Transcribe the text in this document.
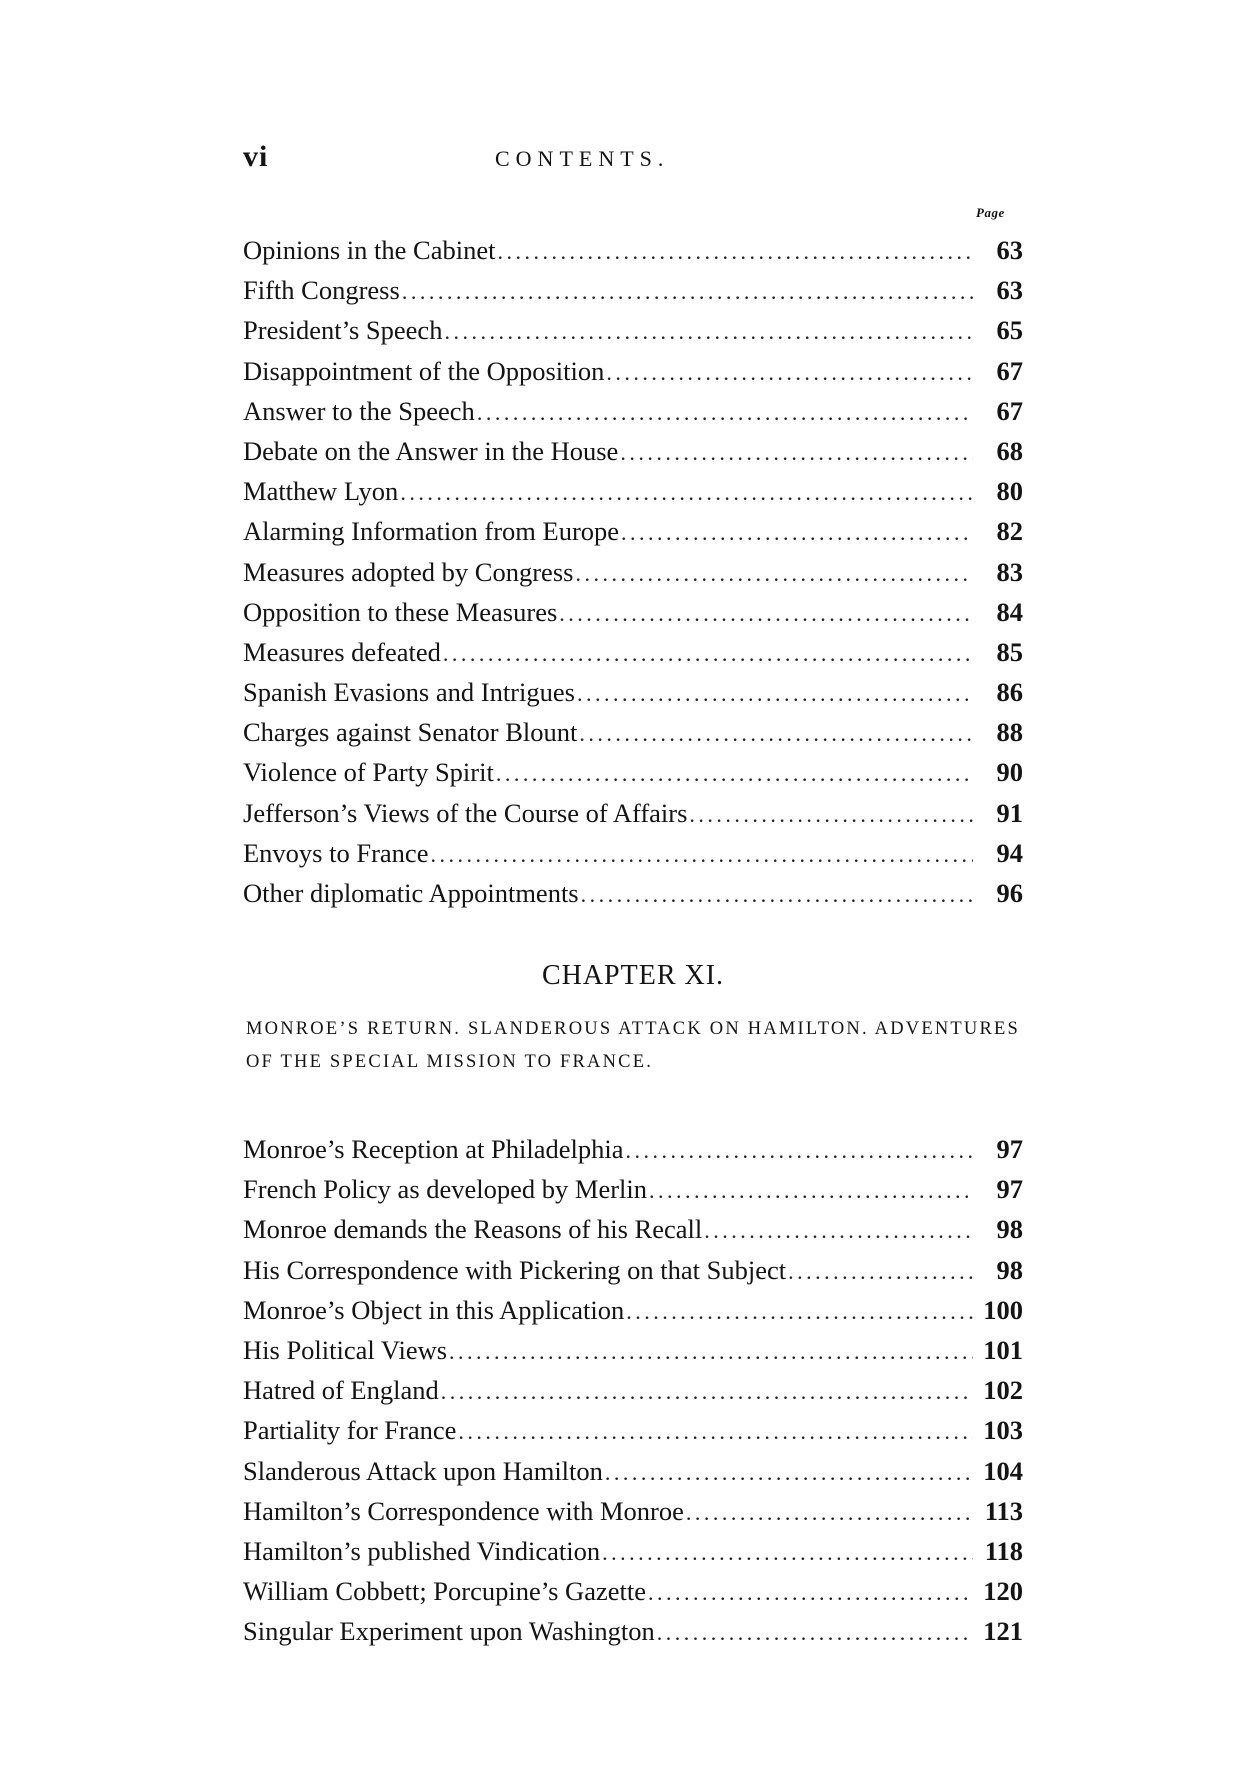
vi	CONTENTS.
Page
Opinions in the Cabinet .....	63
Fifth Congress .....	63
President’s Speech .....	65
Disappointment of the Opposition .....	67
Answer to the Speech .....	67
Debate on the Answer in the House .....	68
Matthew Lyon .....	80
Alarming Information from Europe .....	82
Measures adopted by Congress .....	83
Opposition to these Measures .....	84
Measures defeated .....	85
Spanish Evasions and Intrigues .....	86
Charges against Senator Blount .....	88
Violence of Party Spirit .....	90
Jefferson’s Views of the Course of Affairs .....	91
Envoys to France .....	94
Other diplomatic Appointments .....	96
CHAPTER XI.
MONROE’S RETURN. SLANDEROUS ATTACK ON HAMILTON. ADVENTURES OF THE SPECIAL MISSION TO FRANCE.
Monroe’s Reception at Philadelphia .....	97
French Policy as developed by Merlin .....	97
Monroe demands the Reasons of his Recall .....	98
His Correspondence with Pickering on that Subject .....	98
Monroe’s Object in this Application .....	100
His Political Views .....	101
Hatred of England .....	102
Partiality for France .....	103
Slanderous Attack upon Hamilton .....	104
Hamilton’s Correspondence with Monroe .....	113
Hamilton’s published Vindication .....	118
William Cobbett; Porcupine’s Gazette .....	120
Singular Experiment upon Washington .....	121
